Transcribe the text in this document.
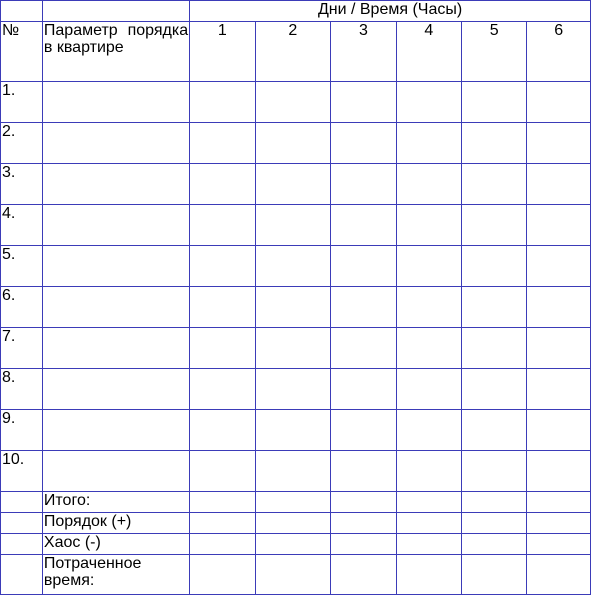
		Дни / Время (Часы)					
№	Параметр порядка в квартире	1	2	3	4	5	6
1.							
2.							
3.							
4.							
5.							
6.							
7.							
8.							
9.							
10.							
	Итого:						
	Порядок (+)						
	Хаос (-)						
	Потраченное время:						
